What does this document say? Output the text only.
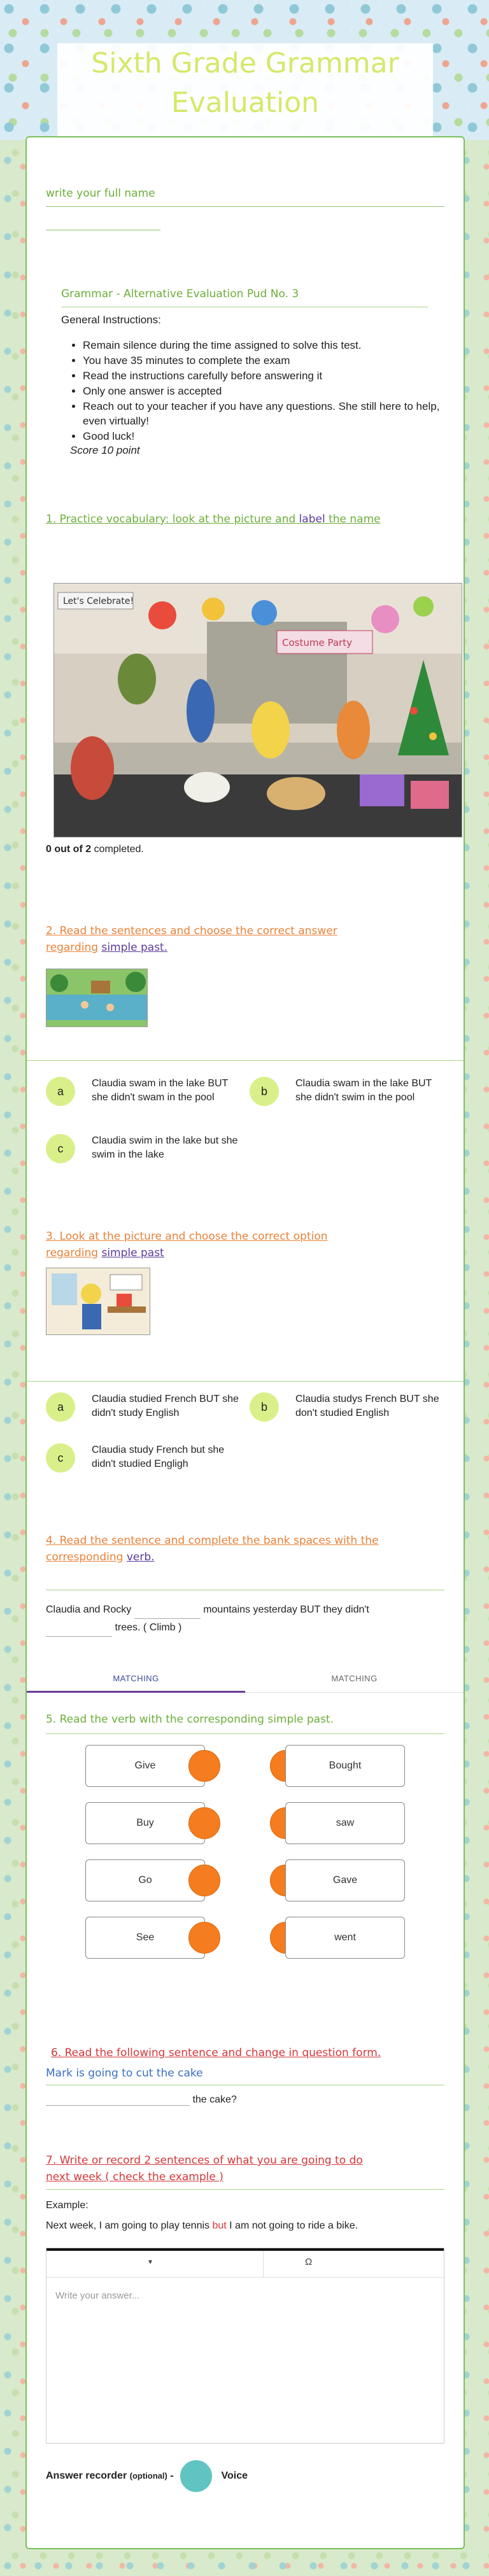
Sixth Grade Grammar
Evaluation
write your full name
Grammar - Alternative Evaluation Pud No. 3
General Instructions:
• Remain silence during the time assigned to solve this test.
• You have 35 minutes to complete the exam
• Read the instructions carefully before answering it
• Only one answer is accepted
• Reach out to your teacher if you have any questions. She still here to help, even virtually!
• Good luck!
Score 10 point
1. Practice vocabulary: look at the picture and label the name
Let's Celebrate!
Costume Party
0 out of 2 completed.
2. Read the sentences and choose the correct answer
regarding simple past.
a
Claudia swam in the lake BUT she didn't swam in the pool	b
Claudia swam in the lake BUT she didn't swim in the pool
c
Claudia swim in the lake but she swim in the lake
3. Look at the picture and choose the correct option
regarding simple past
a
Claudia studied French BUT she didn't study English	b
Claudia studys French BUT she don't studied English
c
Claudia study French but she didn't studied Engligh
4. Read the sentence and complete the bank spaces with the
corresponding verb.
Claudia and Rocky	mountains yesterday BUT they didn't
trees. ( Climb )
MATCHING	MATCHING
5. Read the verb with the corresponding simple past.
Give	Bought
Buy	saw
Go	Gave
See	went
6. Read the following sentence and change in question form.
Mark is going to cut the cake
the cake?
7. Write or record 2 sentences of what you are going to do
next week ( check the example )
Example:
Next week, I am going to play tennis but I am not going to ride a bike.
▾	Ω
Write your answer...
Answer recorder (optional) -	Voice
